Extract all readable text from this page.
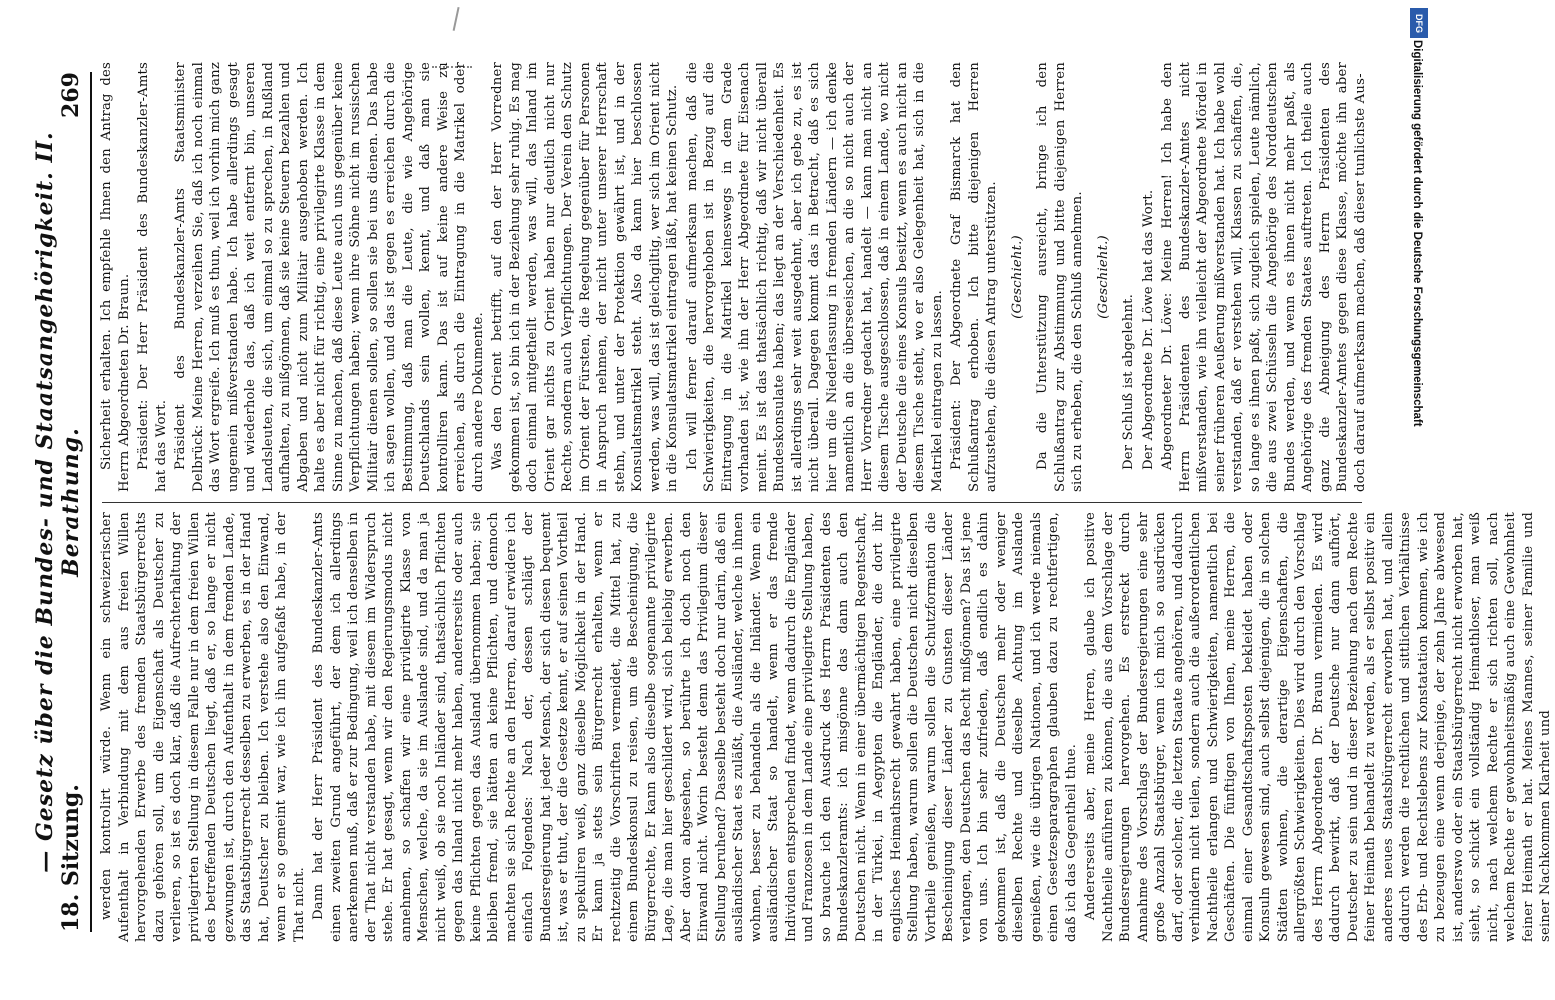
18. Sitzung.
— Gesetz über die Bundes- und Staatsangehörigkeit. II. Berathung.
269

werden kontrolirt würde. Wenn ein schweizerischer Aufenthalt in Verbindung mit dem aus freien Willen hervorgehenden Erwerbe des fremden Staatsbürgerrechts dazu gehören soll, um die Eigenschaft als Deutscher zu verlieren, so ist es doch klar, daß die Aufrechterhaltung der privilegirten Stellung in diesem Falle nur in dem freien Willen des betreffenden Deutschen liegt, daß er, so lange er nicht gezwungen ist, durch den Aufenthalt in dem fremden Lande, das Staatsbürgerrecht desselben zu erwerben, es in der Hand hat, Deutscher zu bleiben. Ich verstehe also den Einwand, wenn er so gemeint war, wie ich ihn aufgefaßt habe, in der That nicht. Dann hat der Herr Präsident des Bundeskanzler-Amts einen zweiten Grund angeführt, der dem ich allerdings anerkennen muß, daß er zur Bedingung, weil ich denselben in der That nicht verstanden habe, mit diesem im Widerspruch stehe. Er hat gesagt, wenn wir den Regierungsmodus nicht annehmen, so schaffen wir eine privilegirte Klasse von Menschen, welche, da sie im Auslande sind, und da man ja nicht weiß, ob sie noch Inländer sind, thatsächlich Pflichten gegen das Inland nicht mehr haben, andererseits oder auch keine Pflichten gegen das Ausland übernommen haben; sie bleiben fremd, sie hätten an keine Pflichten, und dennoch machten sie sich Rechte an den Herren, darauf erwidere ich einfach Folgendes: Nach der, dessen schlägt der Bundesregierung hat jeder Mensch, der sich diesen bequemt ist, was er thut, der die Gesetze kennt, er auf seinen Vortheil zu spekuliren weiß, ganz dieselbe Möglichkeit in der Hand. Er kann ja stets sein Bürgerrecht erhalten, wenn er rechtzeitig die Vorschriften vermeidet, die Mittel hat, zu einem Bundeskonsul zu reisen, um die Bescheinigung, die Bürgerrechte, Er kann also dieselbe sogenannte privilegirte Lage, die man hier geschildert wird, sich beliebig erwerben. Aber davon abgesehen, so berührte ich doch noch den Einwand nicht. Worin besteht denn das Privilegium dieser Stellung beruhend? Dasselbe besteht doch nur darin, daß ein ausländischer Staat es zuläßt, die Ausländer, welche in ihnen wohnen, besser zu behandeln als die Inländer. Wenn ein ausländischer Staat so handelt, wenn er das fremde Individuen entsprechend findet, wenn dadurch die Engländer und Franzosen in dem Lande eine privilegirte Stellung haben, so brauche ich den Ausdruck des Herrn Präsidenten des Bundeskanzleramts: ich misgönne das dann auch den Deutschen nicht. Wenn in einer übermächtigen Regentschaft, in der Türkei, in Aegypten die Engländer, die dort ihr englisches Heimathsrecht gewahrt haben, eine privilegirte Stellung haben, warum sollen die Deutschen nicht dieselben Vortheile genießen, warum sollen die Schutzformation die Bescheinigung dieser Länder zu Gunsten dieser Länder verlangen, den Deutschen das Recht mißgönnen? Das ist jene von uns. Ich bin sehr zufrieden, daß endlich es dahin gekommen ist, daß die Deutschen mehr oder weniger dieselben Rechte und dieselbe Achtung im Auslande genießen, wie die übrigen Nationen, und ich werde niemals einen Gesetzesparagraphen glauben dazu zu rechtfertigen, daß ich das Gegentheil thue. Andererseits aber, meine Herren, glaube ich positive Nachtheile anführen zu können, die aus dem Vorschlage der Bundesregierungen hervorgehen. Es erstreckt durch Annahme des Vorschlags der Bundesregierungen eine sehr große Anzahl Staatsbürger, wenn ich mich so ausdrücken darf, oder solcher, die letzten Staate angehören, und dadurch verhindern nicht teilen, sondern auch die außerordentlichen Nachtheile erlangen und Schwierigkeiten, namentlich bei Geschäften. Die fünftigen von Ihnen, meine Herren, die einmal einer Gesandtschaftsposten bekleidet haben oder Konsuln gewesen sind, auch selbst diejenigen, die in solchen Städten wohnen, die derartige Eigenschaften, die allergrößten Schwierigkeiten. Dies wird durch den Vorschlag des Herrn Abgeordneten Dr. Braun vermieden. Es wird dadurch bewirkt, daß der Deutsche nur dann aufhört, Deutscher zu sein und in dieser Beziehung nach dem Rechte feiner Heimath behandelt zu werden, als er selbst positiv ein anderes neues Staatsbürgerrecht erworben hat, und allein dadurch werden die rechtlichen und sittlichen Verhältnisse des Erb- und Rechtslebens zur Konstatation kommen, wie ich zu bezeugen eine wenn derjenige, der zehn Jahre abwesend ist, anderswo oder ein Staatsbürgerrecht nicht erworben hat, sieht, so schickt ein vollständig Heimathloser, man weiß nicht, nach welchem Rechte er sich richten soll, nach welchem Rechte er gewohnheitsmäßig auch eine Gewohnheit feiner Heimath er hat. Meines Mannes, seiner Familie und seiner Nachkommen Klarheit und

Sicherheit erhalten. Ich empfehle Ihnen den Antrag des Herrn Abgeordneten Dr. Braun. Präsident: Der Herr Präsident des Bundeskanzler-Amts hat das Wort. Präsident des Bundeskanzler-Amts Staatsminister Delbrück: Meine Herren, verzeihen Sie, daß ich noch einmal das Wort ergreife. Ich muß es thun, weil ich vorhin mich ganz ungemein mißverstanden habe. Ich habe allerdings gesagt und wiederhole das, daß ich weit entfernt bin, unseren Landsleuten, die sich, um einmal so zu sprechen, in Rußland aufhalten, zu mißgönnen, daß sie keine Steuern bezahlen und Abgaben und nicht zum Militair ausgehoben werden. Ich halte es aber nicht für richtig, eine privilegirte Klasse in dem Sinne zu machen, daß diese Leute auch uns gegenüber keine Verpflichtungen haben; wenn ihre Söhne nicht im russischen Militair dienen sollen, so sollen sie bei uns dienen. Das habe ich sagen wollen, und das ist gegen es erreichen durch die Bestimmung, daß man die Leute, die wie Angehörige Deutschlands sein wollen, kennt, und daß man sie kontrolliren kann. Das ist auf keine andere Weise zu erreichen, als durch die Eintragung in die Matrikel oder durch andere Dokumente. Was den Orient betrifft, auf den der Herr Vorredner gekommen ist, so bin ich in der Beziehung sehr ruhig. Es mag doch einmal mitgetheilt werden, was will, das Inland im Orient gar nichts zu Orient haben nur deutlich nicht nur Rechte, sondern auch Verpflichtungen. Der Verein den Schutz im Orient der Fürsten, die Regelung gegenüber für Personen in Anspruch nehmen, der nicht unter unserer Herrschaft stehn, und unter der Protektion gewährt ist, und in der Konsulatsmatrikel steht. Also da kann hier beschlossen werden, was will, das ist gleichgiltig, wer sich im Orient nicht in die Konsulatsmatrikel eintragen läßt, hat keinen Schutz. Ich will ferner darauf aufmerksam machen, daß die Schwierigkeiten, die hervorgehoben ist in Bezug auf die Eintragung in die Matrikel keineswegs in dem Grade vorhanden ist, wie ihn der Herr Abgeordnete für Eisenach meint. Es ist das thatsächlich richtig, daß wir nicht überall Bundeskonsulate haben; das liegt an der Verschiedenheit. Es ist allerdings sehr weit ausgedehnt, aber ich gebe zu, es ist nicht überall. Dagegen kommt das in Betracht, daß es sich hier um die Niederlassung in fremden Ländern — ich denke namentlich an die überseeischen, an die so nicht auch der Herr Vorredner gedacht hat, handelt — kann man nicht an diesem Tische ausgeschlossen, daß in einem Lande, wo nicht der Deutsche die eines Konsuls besitzt, wenn es auch nicht an diesem Tische steht, wo er also Gelegenheit hat, sich in die Matrikel eintragen zu lassen. Präsident: Der Abgeordnete Graf Bismarck hat den Schlußantrag erhoben. Ich bitte diejenigen Herren aufzustehen, die diesen Antrag unterstützen. (Geschieht.) Da die Unterstützung ausreicht, bringe ich den Schlußantrag zur Abstimmung und bitte diejenigen Herren sich zu erheben, die den Schluß annehmen. (Geschieht.)

Der Schluß ist abgelehnt. Der Abgeordnete Dr. Löwe hat das Wort. Abgeordneter Dr. Löwe: Meine Herren! Ich habe den Herrn Präsidenten des Bundeskanzler-Amtes nicht mißverstanden, wie ihn vielleicht der Abgeordnete Mördel in seiner früheren Aeußerung mißverstanden hat. Ich habe wohl verstanden, daß er verstehen will, Klassen zu schaffen, die, so lange es ihnen paßt, sich zugleich spielen, Leute nämlich, die aus zwei Schüsseln die Angehörige des Norddeutschen Bundes werden, und wenn es ihnen nicht mehr paßt, als Angehörige des fremden Staates auftreten. Ich theile auch ganz die Abneigung des Herrn Präsidenten des Bundeskanzler-Amtes gegen diese Klasse, möchte ihn aber doch darauf aufmerksam machen, daß dieser tunlichste Aus-	Digitalisierung gefördert durch die Deutsche Forschungsgemeinschaft
DFG
